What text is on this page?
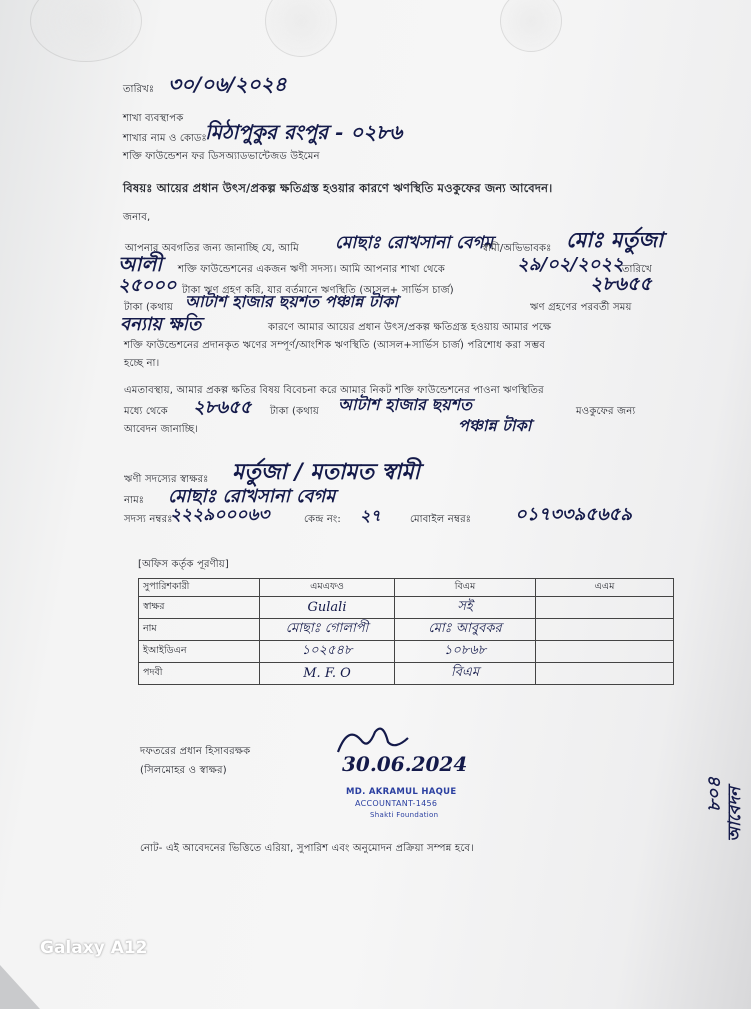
তারিখঃ ৩০/০৬/২০২৪
শাখা ব্যবস্থাপক
শাখার নাম ও কোডঃ
মিঠাপুকুর রংপুর - ০২৮৬
শক্তি ফাউন্ডেশন ফর ডিসঅ্যাডভান্টেজড উইমেন
বিষয়ঃ আয়ের প্রধান উৎস/প্রকল্প ক্ষতিগ্রস্ত হওয়ার কারণে ঋণস্থিতি মওকুফের জন্য আবেদন।
জনাব,
আপনার অবগতির জন্য জানাচ্ছি যে, আমি মোছাঃ রোখসানা বেগম
স্বামী/অভিভাবকঃ মোঃ মর্তুজা
আলী শক্তি ফাউন্ডেশনের একজন ঋণী সদস্য। আমি আপনার শাখা থেকে	২৯/০২/২০২২
তারিখে
২৫০০০ টাকা ঋণ গ্রহণ করি, যার বর্তমানে ঋণস্থিতি (আসল+ সার্ভিস চার্জ)	২৮৬৫৫
টাকা (কথায় আটাশ হাজার ছয়শত পঞ্চান্ন টাকা	ঋণ গ্রহণের পরবর্তী সময়
বন্যায় ক্ষতি	কারণে আমার আয়ের প্রধান উৎস/প্রকল্প ক্ষতিগ্রস্ত হওয়ায় আমার পক্ষে
শক্তি ফাউন্ডেশনের প্রদানকৃত ঋণের সম্পূর্ণ/আংশিক ঋণস্থিতি (আসল+সার্ভিস চার্জ) পরিশোধ করা সম্ভব
হচ্ছে না।
এমতাবস্থায়, আমার প্রকল্প ক্ষতির বিষয় বিবেচনা করে আমার নিকট শক্তি ফাউন্ডেশনের পাওনা ঋণস্থিতির
মধ্যে থেকে ২৮৬৫৫ টাকা (কথায় আটাশ হাজার ছয়শত	মওকুফের জন্য
আবেদন জানাচ্ছি।	পঞ্চান্ন টাকা
ঋণী সদস্যের স্বাক্ষরঃ মর্তুজা / মতামত স্বামী
নামঃ মোছাঃ রোখসানা বেগম
সদস্য নম্বরঃ
২২২৯০০০৬৩	কেন্দ্র নং: ২৭	মোবাইল নম্বরঃ ০১৭৩৩৯৫৬৫৯
[অফিস কর্তৃক পূরণীয়]
সুপারিশকারী	এমএফও	বিএম	এএম
স্বাক্ষর	Gulali	সই	
নাম	মোছাঃ গোলাপী	মোঃ আবুবকর	
ইআইডিএন	১০২৫৪৮	১০৮৬৮	
পদবী	M. F. O	বিএম	
দফতরের প্রধান হিসাবরক্ষক
(সিলমোহর ও স্বাক্ষর)	30.06.2024
MD. AKRAMUL HAQUE
ACCOUNTANT-1456
Shakti Foundation
৮০৪ আবেদন
নোট- এই আবেদনের ভিত্তিতে এরিয়া, সুপারিশ এবং অনুমোদন প্রক্রিয়া সম্পন্ন হবে।
Galaxy A12
